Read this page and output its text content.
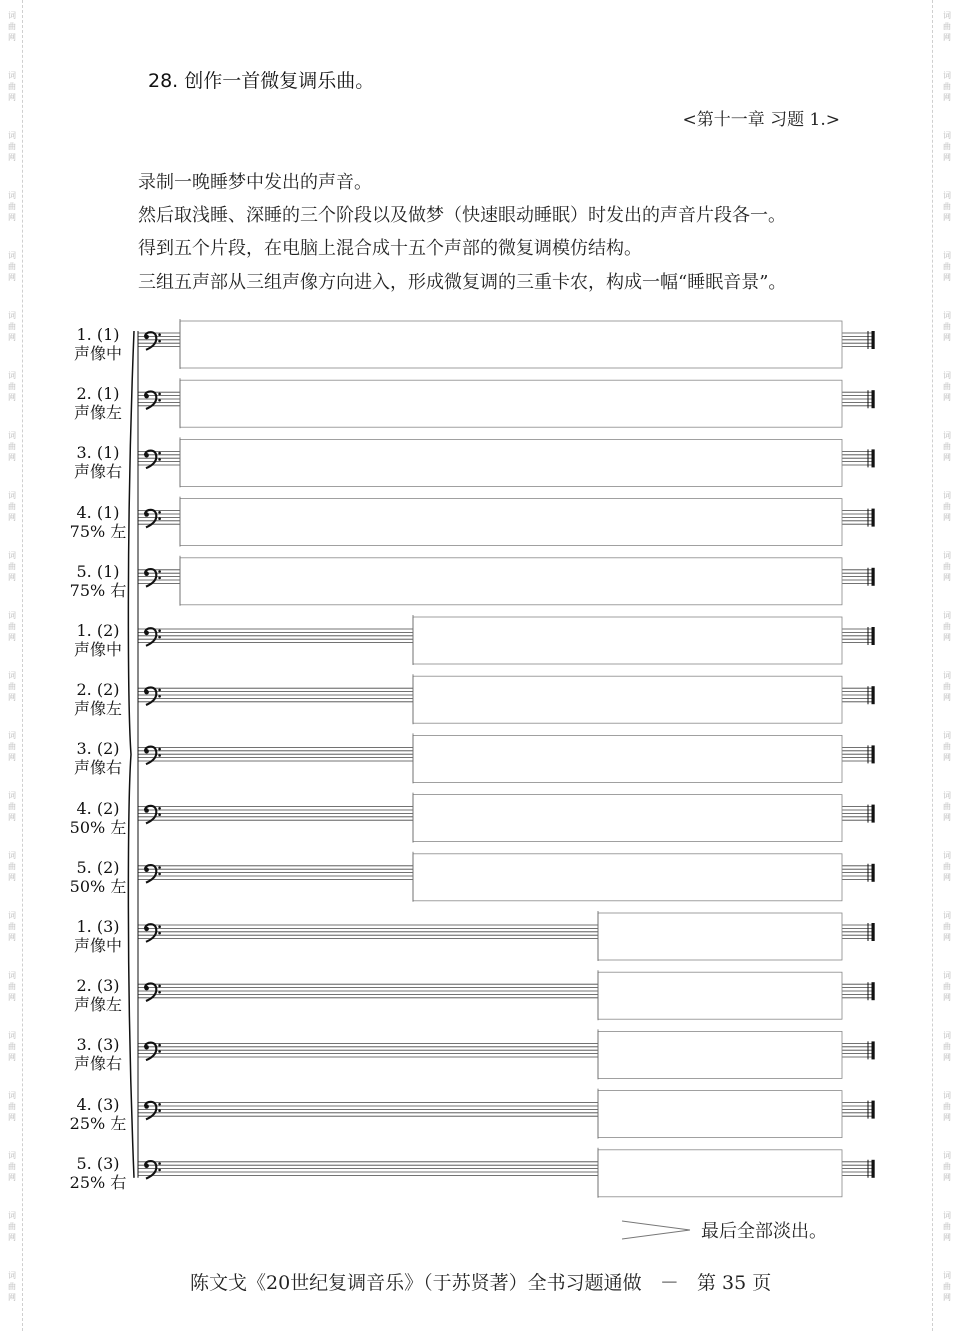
词
曲
网
词
曲
网
词
曲
网
词
曲
网
词
曲
网
词
曲
网
词
曲
网
词
曲
网
词
曲
网
词
曲
网
词
曲
网
词
曲
网
词
曲
网
词
曲
网
词
曲
网
词
曲
网
词
曲
网
词
曲
网
词
曲
网
词
曲
网
词
曲
网
词
曲
网
词
曲
网
词
曲
网
词
曲
网
词
曲
网
词
曲
网
词
曲
网
词
曲
网
词
曲
网
词
曲
网
词
曲
网
词
曲
网
词
曲
网
词
曲
网
词
曲
网
词
曲
网
词
曲
网
词
曲
网
词
曲
网
词
曲
网
词
曲
网
词
曲
网
词
曲
网
28. 创作一首微复调乐曲。
<第十一章 习题 1.>
录制一晚睡梦中发出的声音。
然后取浅睡、深睡的三个阶段以及做梦（快速眼动睡眠）时发出的声音片段各一。
得到五个片段，在电脑上混合成十五个声部的微复调模仿结构。
三组五声部从三组声像方向进入，形成微复调的三重卡农，构成一幅“睡眠音景”。
1. (1)
声像中
2. (1)
声像左
3. (1)
声像右
4. (1)
75% 左
5. (1)
75% 右
1. (2)
声像中
2. (2)
声像左
3. (2)
声像右
4. (2)
50% 左
5. (2)
50% 左
1. (3)
声像中
2. (3)
声像左
3. (3)
声像右
4. (3)
25% 左
5. (3)
25% 右
最后全部淡出。
陈文戈《20世纪复调音乐》（于苏贤著）全书习题通做 － 第 35 页
